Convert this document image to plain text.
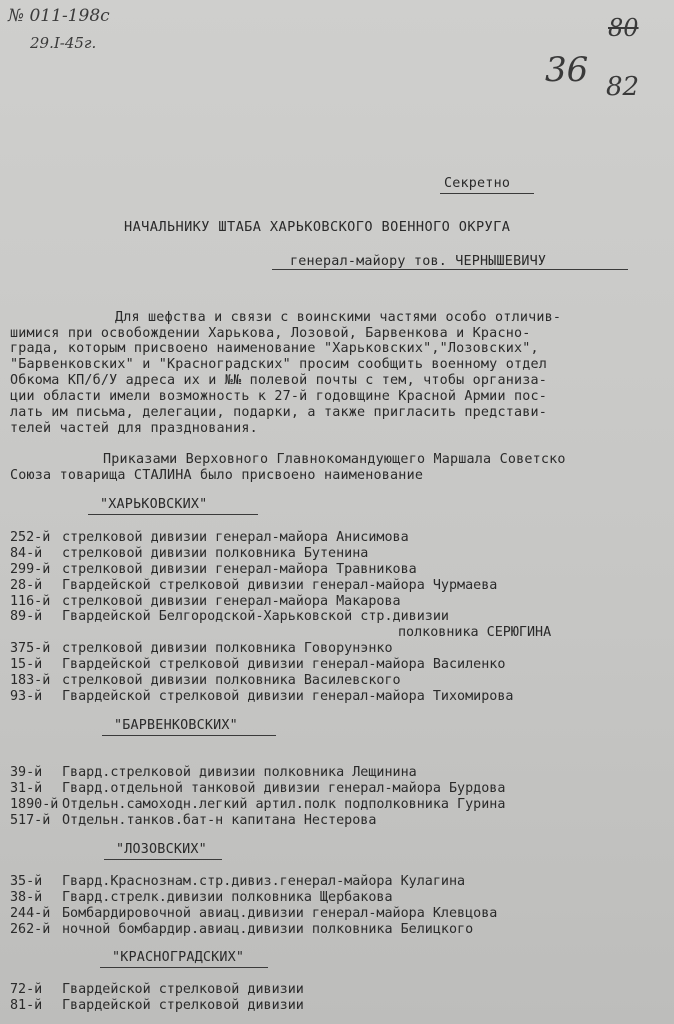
№ 011-198с
29.I-45г.
36
80
82
Секретно
НАЧАЛЬНИКУ ШТАБА ХАРЬКОВСКОГО ВОЕННОГО ОКРУГА
генерал-майору тов. ЧЕРНЫШЕВИЧУ
Для шефства и связи с воинскими частями особо отличив-
шимися при освобождении Харькова, Лозовой, Барвенкова и Красно-
града, которым присвоено наименование "Харьковских","Лозовских",
"Барвенковских" и "Красноградских" просим сообщить военному отдел
Обкома КП/б/У адреса их и №№ полевой почты с тем, чтобы организа-
ции области имели возможность к 27-й годовщине Красной Армии пос-
лать им письма, делегации, подарки, а также пригласить представи-
телей частей для празднования.
Приказами Верховного Главнокомандующего Маршала Советско
Союза товарища СТАЛИНА было присвоено наименование
"ХАРЬКОВСКИХ"
252-й стрелковой дивизии генерал-майора Анисимова
84-й стрелковой дивизии полковника Бутенина
299-й стрелковой дивизии генерал-майора Травникова
28-й Гвардейской стрелковой дивизии генерал-майора Чурмаева
116-й стрелковой дивизии генерал-майора Макарова
89-й Гвардейской Белгородской-Харьковской стр.дивизии
полковника СЕРЮГИНА
375-й стрелковой дивизии полковника Говорунэнко
15-й Гвардейской стрелковой дивизии генерал-майора Василенко
183-й стрелковой дивизии полковника Василевского
93-й Гвардейской стрелковой дивизии генерал-майора Тихомирова
"БАРВЕНКОВСКИХ"
39-й Гвард.стрелковой дивизии полковника Лещинина
31-й Гвард.отдельной танковой дивизии генерал-майора Бурдова
1890-й Отдельн.самоходн.легкий артил.полк подполковника Гурина
517-й Отдельн.танков.бат-н капитана Нестерова
"ЛОЗОВСКИХ"
35-й Гвард.Краснознам.стр.дивиз.генерал-майора Кулагина
38-й Гвард.стрелк.дивизии полковника Щербакова
244-й Бомбардировочной авиац.дивизии генерал-майора Клевцова
262-й ночной бомбардир.авиац.дивизии полковника Белицкого
"КРАСНОГРАДСКИХ"
72-й Гвардейской стрелковой дивизии
81-й Гвардейской стрелковой дивизии
